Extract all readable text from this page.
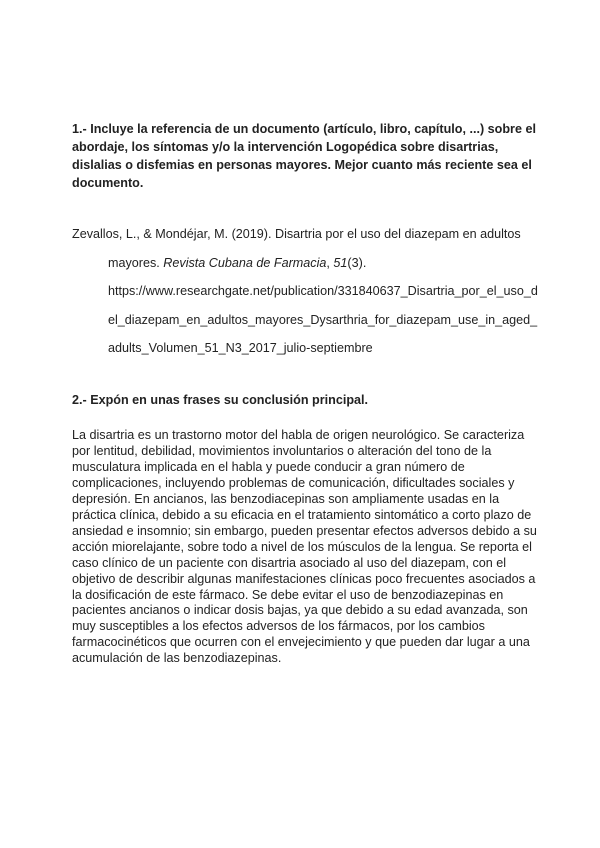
1.- Incluye la referencia de un documento (artículo, libro, capítulo, ...) sobre el
abordaje, los síntomas y/o la intervención Logopédica sobre disartrias,
dislalias o disfemias en personas mayores. Mejor cuanto más reciente sea el
documento.
Zevallos, L., & Mondéjar, M. (2019). Disartria por el uso del diazepam en adultos
mayores. Revista Cubana de Farmacia, 51(3).
https://www.researchgate.net/publication/331840637_Disartria_por_el_uso_d
el_diazepam_en_adultos_mayores_Dysarthria_for_diazepam_use_in_aged_
adults_Volumen_51_N3_2017_julio-septiembre
2.- Expón en unas frases su conclusión principal.
La disartria es un trastorno motor del habla de origen neurológico. Se caracteriza
por lentitud, debilidad, movimientos involuntarios o alteración del tono de la
musculatura implicada en el habla y puede conducir a gran número de
complicaciones, incluyendo problemas de comunicación, dificultades sociales y
depresión. En ancianos, las benzodiacepinas son ampliamente usadas en la
práctica clínica, debido a su eficacia en el tratamiento sintomático a corto plazo de
ansiedad e insomnio; sin embargo, pueden presentar efectos adversos debido a su
acción miorelajante, sobre todo a nivel de los músculos de la lengua. Se reporta el
caso clínico de un paciente con disartria asociado al uso del diazepam, con el
objetivo de describir algunas manifestaciones clínicas poco frecuentes asociados a
la dosificación de este fármaco. Se debe evitar el uso de benzodiazepinas en
pacientes ancianos o indicar dosis bajas, ya que debido a su edad avanzada, son
muy susceptibles a los efectos adversos de los fármacos, por los cambios
farmacocinéticos que ocurren con el envejecimiento y que pueden dar lugar a una
acumulación de las benzodiazepinas.
